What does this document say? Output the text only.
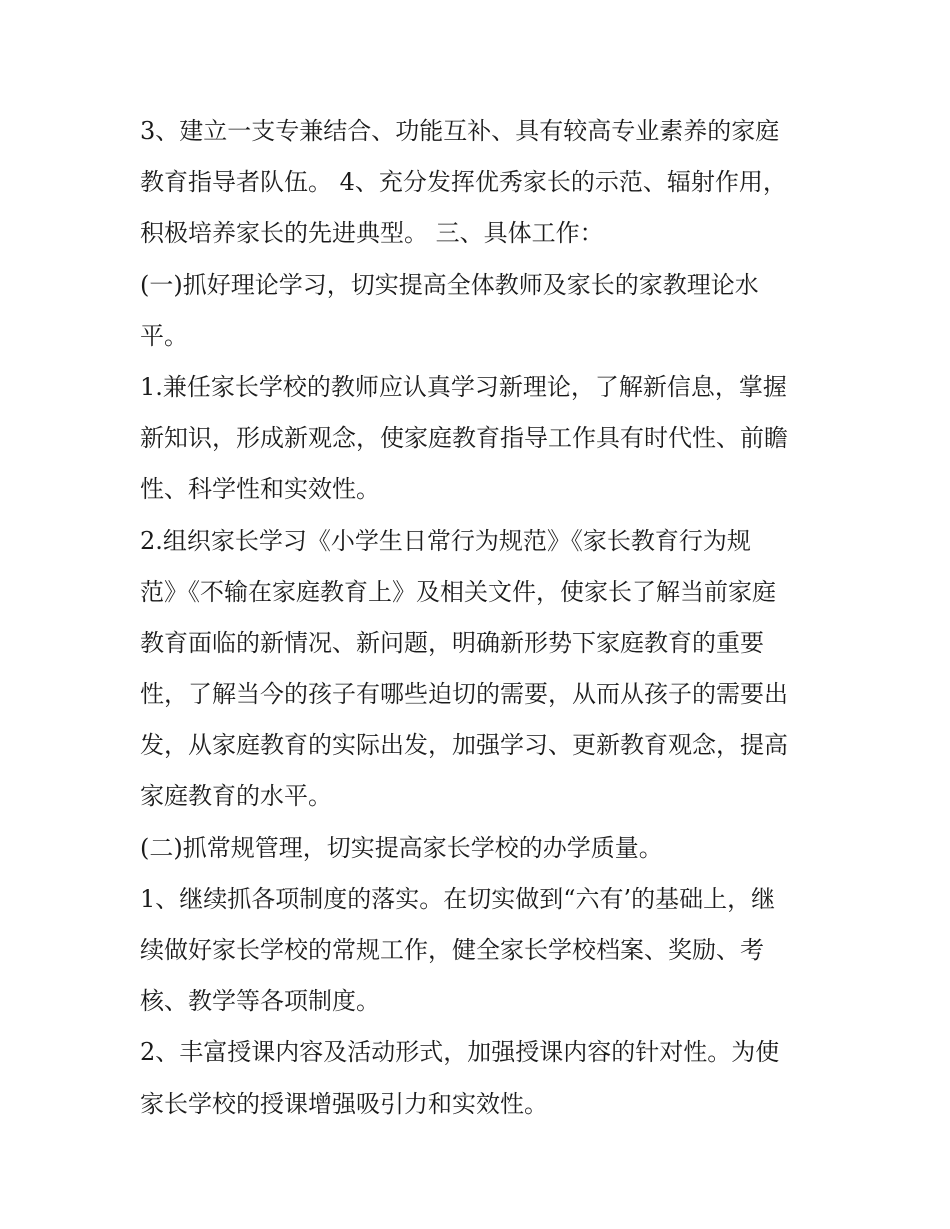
3、建立一支专兼结合、功能互补、具有较高专业素养的家庭
教育指导者队伍。 4、充分发挥优秀家长的示范、辐射作用，
积极培养家长的先进典型。 三、具体工作：
(一)抓好理论学习，切实提高全体教师及家长的家教理论水
平。
1.兼任家长学校的教师应认真学习新理论，了解新信息，掌握
新知识，形成新观念，使家庭教育指导工作具有时代性、前瞻
性、科学性和实效性。
2.组织家长学习《小学生日常行为规范》《家长教育行为规
范》《不输在家庭教育上》及相关文件，使家长了解当前家庭
教育面临的新情况、新问题，明确新形势下家庭教育的重要
性，了解当今的孩子有哪些迫切的需要，从而从孩子的需要出
发，从家庭教育的实际出发，加强学习、更新教育观念，提高
家庭教育的水平。
(二)抓常规管理，切实提高家长学校的办学质量。
1、继续抓各项制度的落实。在切实做到“六有’的基础上，继
续做好家长学校的常规工作，健全家长学校档案、奖励、考
核、教学等各项制度。
2、丰富授课内容及活动形式，加强授课内容的针对性。为使
家长学校的授课增强吸引力和实效性。
